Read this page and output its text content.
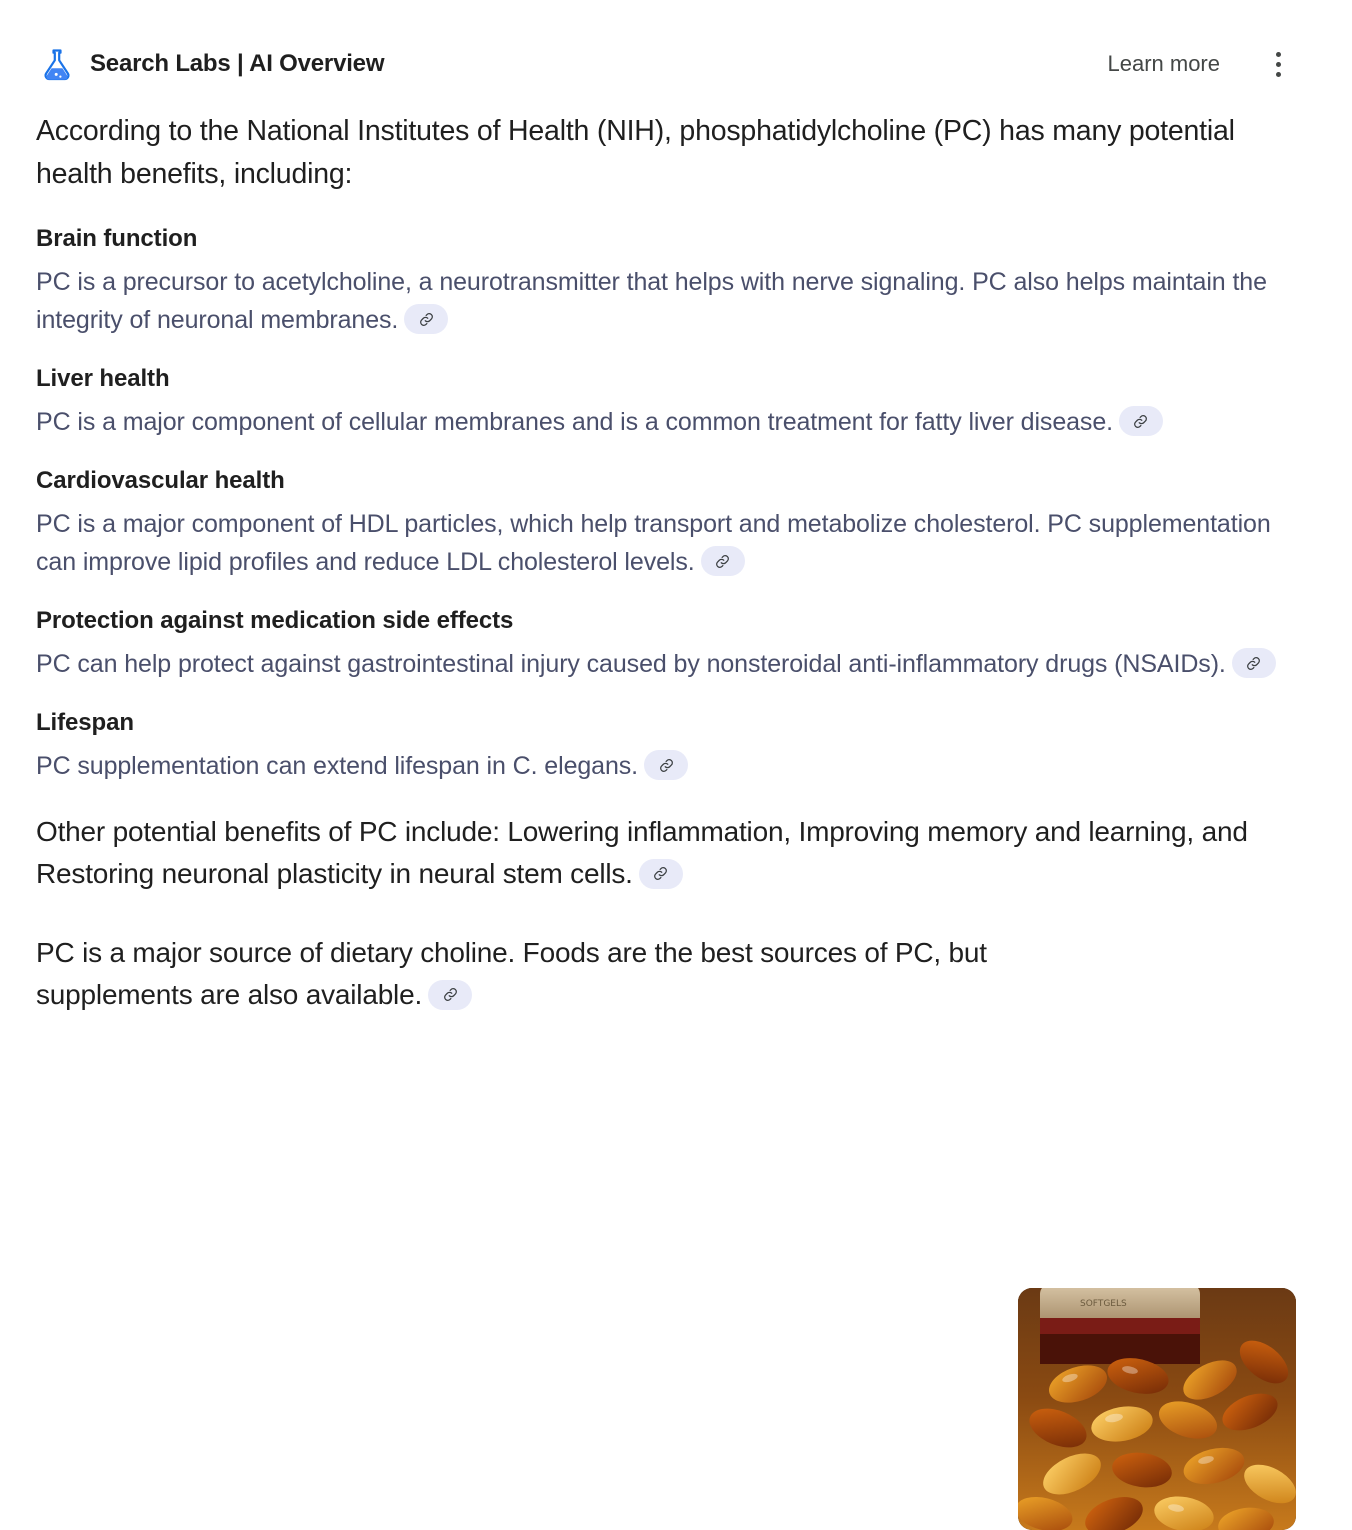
Search Labs | AI Overview	Learn more

According to the National Institutes of Health (NIH), phosphatidylcholine (PC) has many potential health benefits, including:

Brain function

PC is a precursor to acetylcholine, a neurotransmitter that helps with nerve signaling. PC also helps maintain the integrity of neuronal membranes.

Liver health

PC is a major component of cellular membranes and is a common treatment for fatty liver disease.

Cardiovascular health

PC is a major component of HDL particles, which help transport and metabolize cholesterol. PC supplementation can improve lipid profiles and reduce LDL cholesterol levels.

Protection against medication side effects

PC can help protect against gastrointestinal injury caused by nonsteroidal anti-inflammatory drugs (NSAIDs).

Lifespan

PC supplementation can extend lifespan in C. elegans.

Other potential benefits of PC include: Lowering inflammation, Improving memory and learning, and Restoring neuronal plasticity in neural stem cells.

PC is a major source of dietary choline. Foods are the best sources of PC, but supplements are also available.

SOFTGELS
